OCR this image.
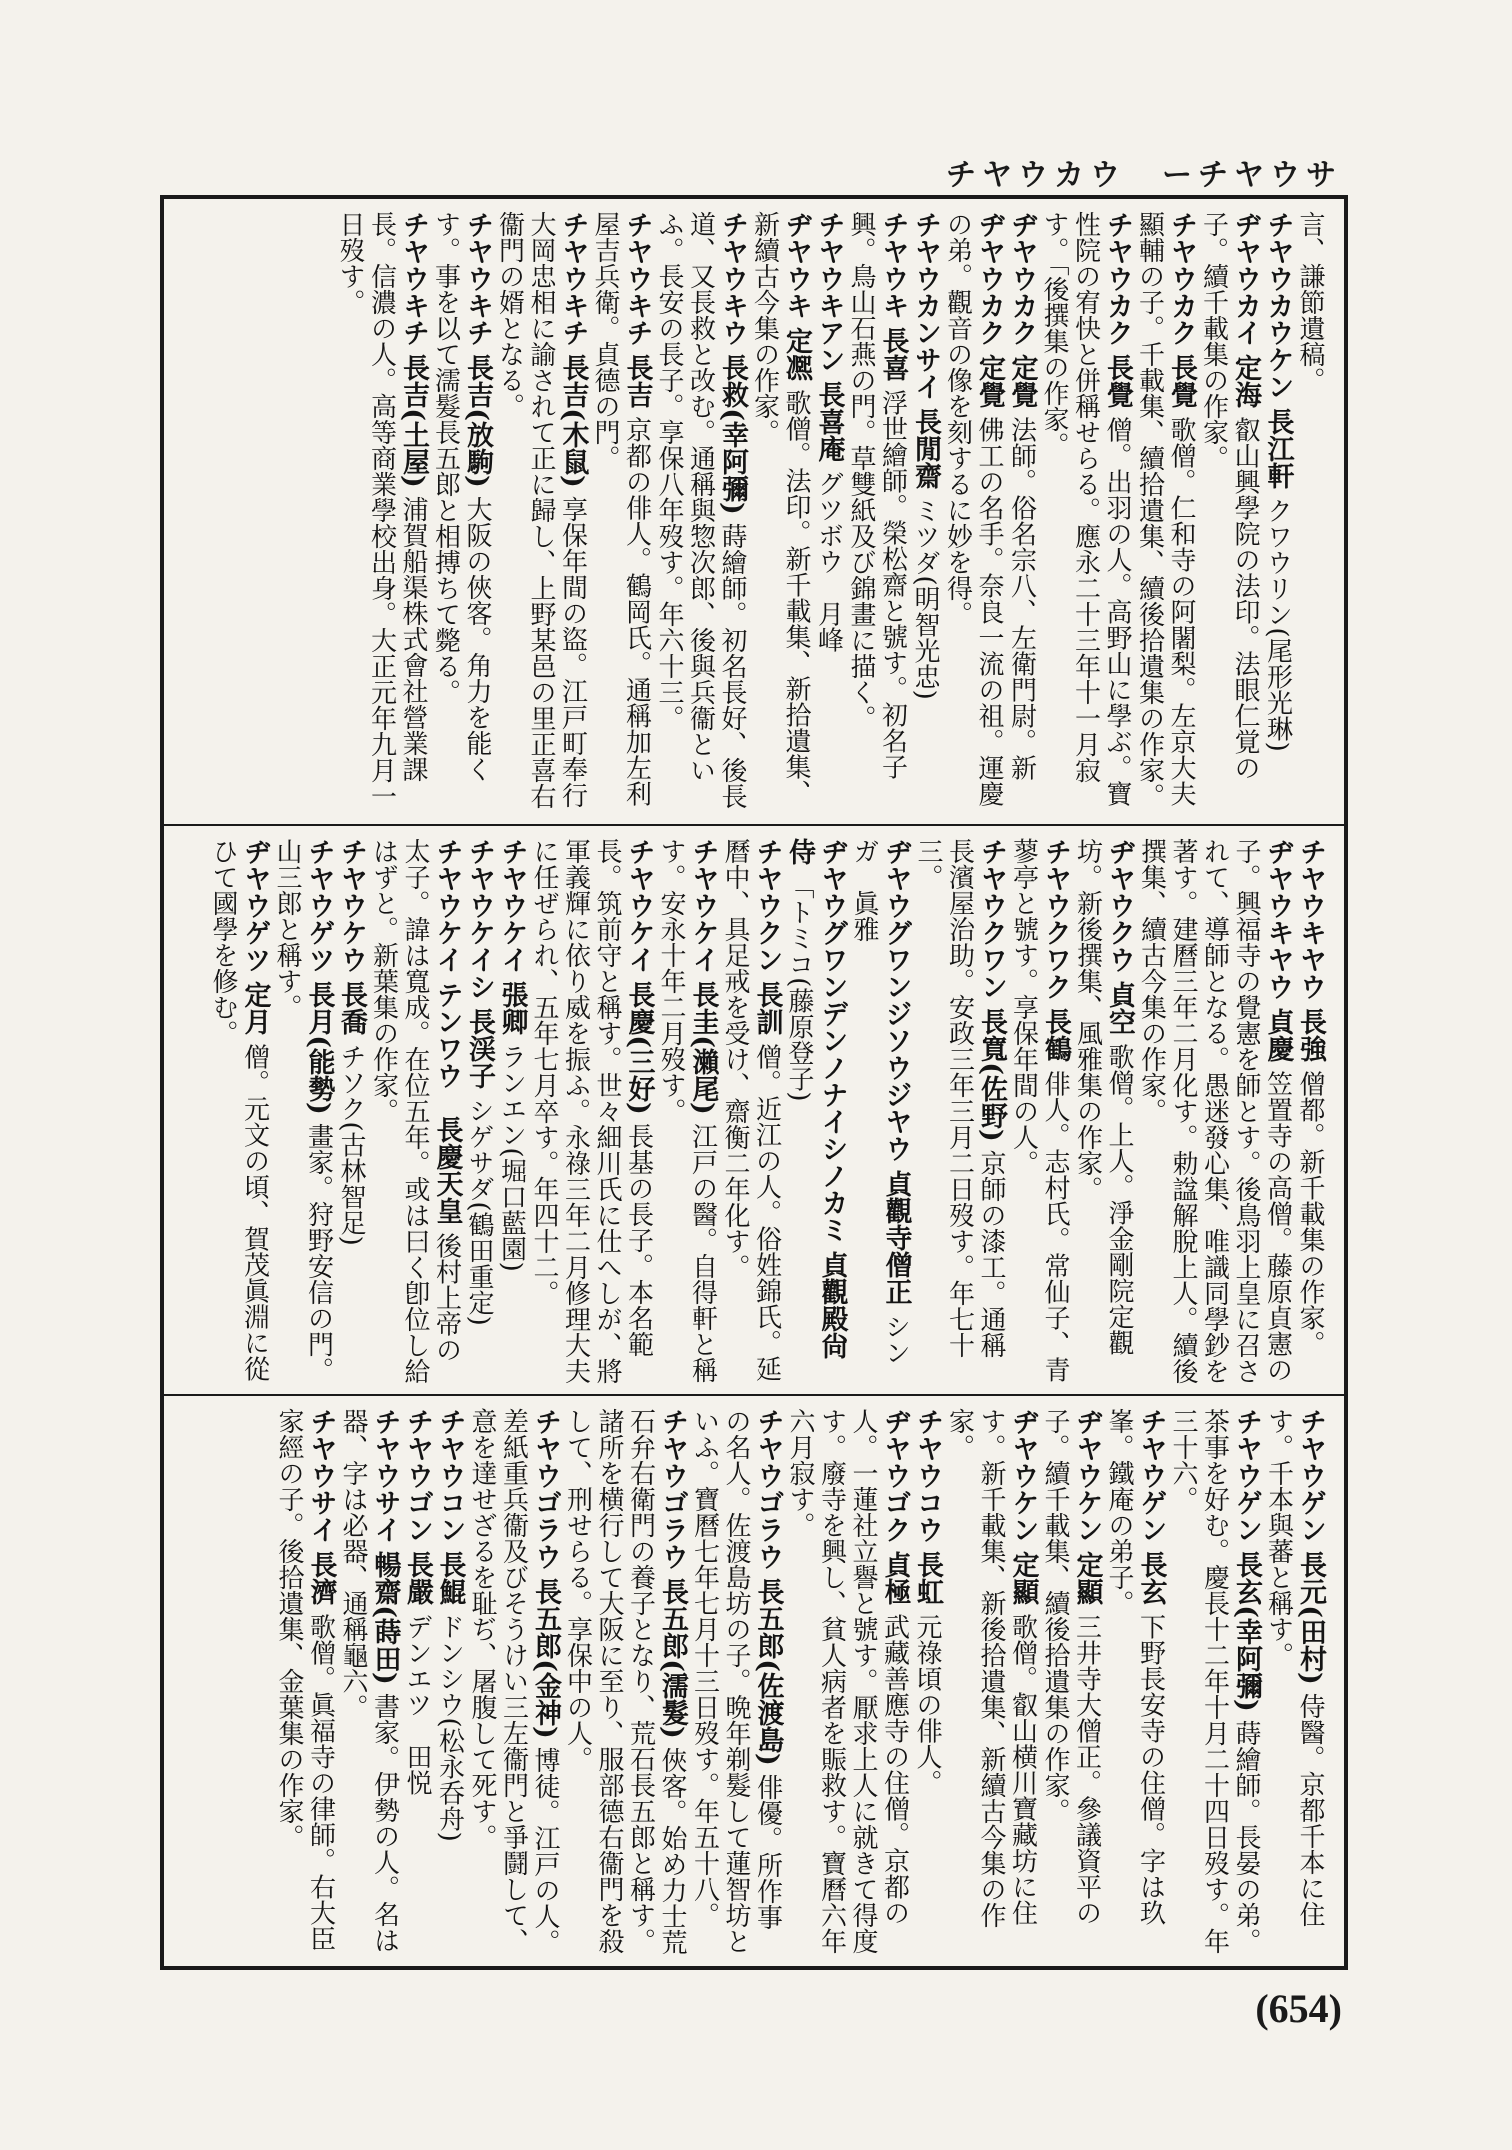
チヤウカウ　ーチヤウサ

言、謙節遺稿。

チヤウカウケン 長江軒 クワウリン(尾形光琳)

ヂヤウカイ 定海 叡山興學院の法印。法眼仁覚の子。續千載集の作家。

チヤウカク 長覺 歌僧。仁和寺の阿闍梨。左京大夫顯輔の子。千載集、續拾遺集、續後拾遺集の作家。

チヤウカク 長覺 僧。出羽の人。高野山に學ぶ。寶性院の宥快と併稱せらる。應永二十三年十一月寂す。「後撰集の作家。

ヂヤウカク 定覺 法師。俗名宗八、左衛門尉。新

ヂヤウカク 定覺 佛工の名手。奈良一流の祖。運慶の弟。觀音の像を刻するに妙を得。

チヤウカンサイ 長閒齋 ミツダ(明智光忠)

チヤウキ 長喜 浮世繪師。榮松齋と號す。初名子興。鳥山石燕の門。草雙紙及び錦畫に描く。

チヤウキアン 長喜庵 グツボウ　月峰

ヂヤウキ 定凞 歌僧。法印。新千載集、新拾遺集、新續古今集の作家。

チヤウキウ 長救(幸阿彌) 蒔繪師。初名長好、後長道、又長救と改む。通稱與惣次郎、後與兵衞といふ。長安の長子。享保八年歿す。年六十三。

チヤウキチ 長吉 京都の俳人。鶴岡氏。通稱加左利屋吉兵衛。貞德の門。

チヤウキチ 長吉(木鼠) 享保年間の盜。江戸町奉行大岡忠相に諭されて正に歸し、上野某邑の里正喜右衞門の婿となる。

チヤウキチ 長吉(放駒) 大阪の俠客。角力を能くす。事を以て濡髮長五郎と相搏ちて斃る。

チヤウキチ 長吉(土屋) 浦賀船渠株式會社營業課長。信濃の人。高等商業學校出身。大正元年九月一日歿す。

チヤウキヤウ 長強 僧都。新千載集の作家。

ヂヤウキヤウ 貞慶 笠置寺の高僧。藤原貞憲の子。興福寺の覺憲を師とす。後鳥羽上皇に召されて、導師となる。愚迷發心集、唯識同學鈔を著す。建曆三年二月化す。勅諡解脫上人。續後撰集、續古今集の作家。

ヂヤウクウ 貞空 歌僧。上人。淨金剛院定觀坊。新後撰集、風雅集の作家。

チヤウクワク 長鶴 俳人。志村氏。常仙子、青蓼亭と號す。享保年間の人。

チヤウクワン 長寬(佐野) 京師の漆工。通稱長濱屋治助。安政三年三月二日歿す。年七十三。

ヂヤウグワンジソウジヤウ 貞觀寺僧正 シンガ　眞雅

ヂヤウグワンデンノナイシノカミ 貞觀殿尙侍 「トミコ(藤原登子)

チヤウクン 長訓 僧。近江の人。俗姓錦氏。延曆中、具足戒を受け、齋衡二年化す。

チヤウケイ 長圭(瀨尾) 江戸の醫。自得軒と稱す。安永十年二月歿す。

チヤウケイ 長慶(三好) 長基の長子。本名範長。筑前守と稱す。世々細川氏に仕へしが、將軍義輝に依り威を振ふ。永祿三年二月修理大夫に任ぜられ、五年七月卒す。年四十二。

チヤウケイ 張卿 ランエン(堀口藍園)

チヤウケイシ 長渓子 シゲサダ(鶴田重定)

チヤウケイ テンワウ　長慶天皇 後村上帝の太子。諱は寬成。在位五年。或は曰く卽位し給はずと。新葉集の作家。

チヤウケウ 長喬 チソク(古林智足)

チヤウゲツ 長月(能勢) 畫家。狩野安信の門。山三郎と稱す。

ヂヤウゲツ 定月 僧。元文の頃、賀茂眞淵に從ひて國學を修む。

チヤウゲン 長元(田村) 侍醫。京都千本に住す。千本與蕃と稱す。

チヤウゲン 長玄(幸阿彌) 蒔繪師。長晏の弟。茶事を好む。慶長十二年十月二十四日歿す。年三十六。

チヤウゲン 長玄 下野長安寺の住僧。字は玖峯。鐵庵の弟子。

ヂヤウケン 定顯 三井寺大僧正。參議資平の子。續千載集、續後拾遺集の作家。

ヂヤウケン 定顯 歌僧。叡山横川寶藏坊に住す。新千載集、新後拾遺集、新續古今集の作家。

チヤウコウ 長虹 元祿頃の俳人。

ヂヤウゴク 貞極 武藏善應寺の住僧。京都の人。一蓮社立譽と號す。厭求上人に就きて得度す。廢寺を興し、貧人病者を賑救す。寶曆六年六月寂す。

チヤウゴラウ 長五郎(佐渡島) 俳優。所作事の名人。佐渡島坊の子。晩年剃髮して蓮智坊といふ。寶曆七年七月十三日歿す。年五十八。

チヤウゴラウ 長五郎(濡髮) 俠客。始め力士荒石弁右衛門の養子となり、荒石長五郎と稱す。諸所を横行して大阪に至り、服部德右衞門を殺して、刑せらる。享保中の人。

チヤウゴラウ 長五郎(金神) 博徒。江戸の人。差紙重兵衞及びそうけい三左衞門と爭鬪して、意を達せざるを耻ぢ、屠腹して死す。

チヤウコン 長鯤 ドンシウ(松永呑舟)

チヤウゴン 長嚴 デンエツ　田悦

チヤウサイ 暢齋(蒔田) 書家。伊勢の人。名は器、字は必器、通稱龜六。

チヤウサイ 長濟 歌僧。眞福寺の律師。右大臣家經の子。後拾遺集、金葉集の作家。

(654)
